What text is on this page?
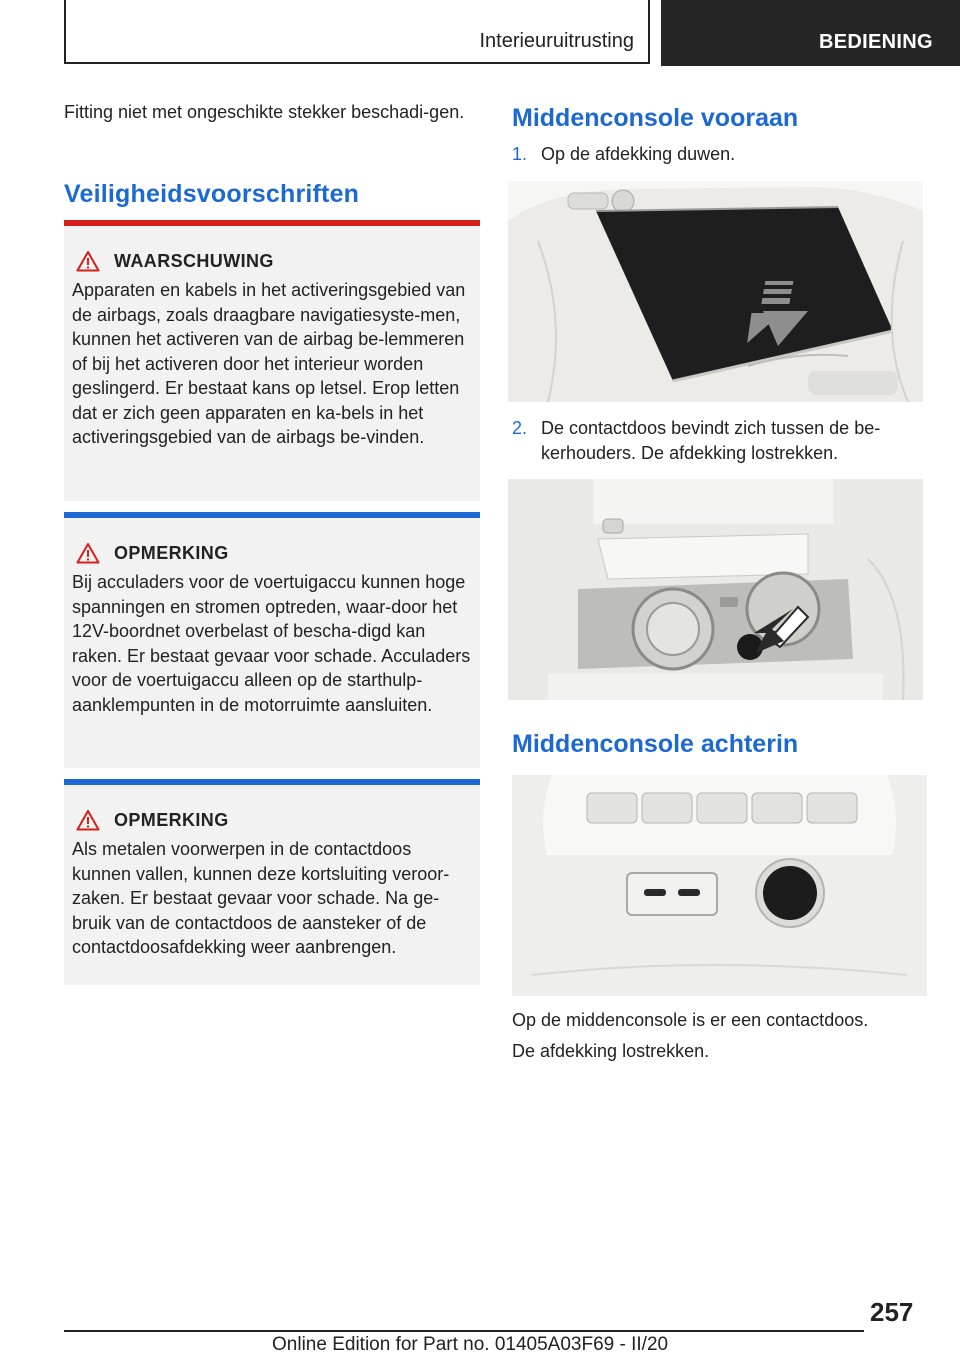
Interieuruitrusting	BEDIENING

Fitting niet met ongeschikte stekker beschadi-gen.

Veiligheidsvoorschriften
WAARSCHUWING
Apparaten en kabels in het activeringsgebied van de airbags, zoals draagbare navigatiesyste-men, kunnen het activeren van de airbag be-lemmeren of bij het activeren door het interieur worden geslingerd. Er bestaat kans op letsel. Erop letten dat er zich geen apparaten en ka-bels in het activeringsgebied van de airbags be-vinden.
OPMERKING
Bij acculaders voor de voertuigaccu kunnen hoge spanningen en stromen optreden, waar-door het 12V-boordnet overbelast of bescha-digd kan raken. Er bestaat gevaar voor schade. Acculaders voor de voertuigaccu alleen op de starthulp-aanklempunten in de motorruimte aansluiten.
OPMERKING
Als metalen voorwerpen in de contactdoos kunnen vallen, kunnen deze kortsluiting veroor-zaken. Er bestaat gevaar voor schade. Na ge-bruik van de contactdoos de aansteker of de contactdoosafdekking weer aanbrengen.
Middenconsole vooraan
1. Op de afdekking duwen.
2. De contactdoos bevindt zich tussen de be-kerhouders. De afdekking lostrekken.
Middenconsole achterin

Op de middenconsole is er een contactdoos.

De afdekking lostrekken.

257
Online Edition for Part no. 01405A03F69 - II/20
